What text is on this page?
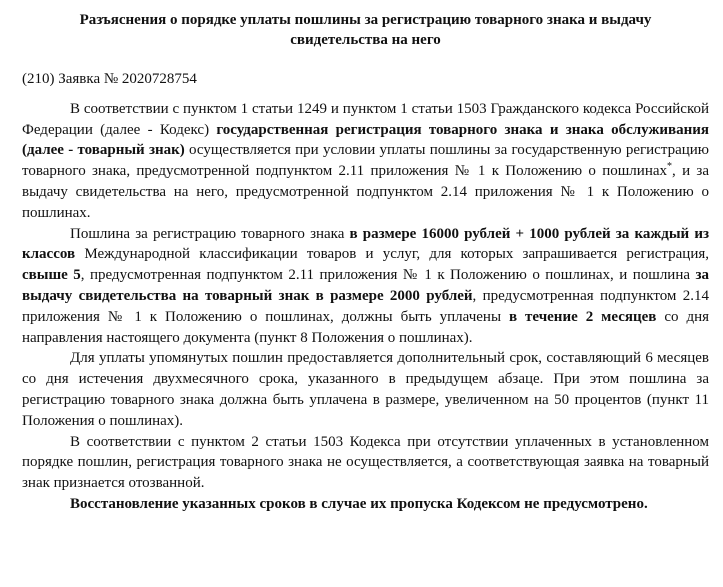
Разъяснения о порядке уплаты пошлины за регистрацию товарного знака и выдачу свидетельства на него
(210) Заявка № 2020728754

В соответствии с пунктом 1 статьи 1249 и пунктом 1 статьи 1503 Гражданского кодекса Российской Федерации (далее - Кодекс) государственная регистрация товарного знака и знака обслуживания (далее - товарный знак) осуществляется при условии уплаты пошлины за государственную регистрацию товарного знака, предусмотренной подпунктом 2.11 приложения № 1 к Положению о пошлинах*, и за выдачу свидетельства на него, предусмотренной подпунктом 2.14 приложения № 1 к Положению о пошлинах.

Пошлина за регистрацию товарного знака в размере 16000 рублей + 1000 рублей за каждый из классов Международной классификации товаров и услуг, для которых запрашивается регистрация, свыше 5, предусмотренная подпунктом 2.11 приложения № 1 к Положению о пошлинах, и пошлина за выдачу свидетельства на товарный знак в размере 2000 рублей, предусмотренная подпунктом 2.14 приложения № 1 к Положению о пошлинах, должны быть уплачены в течение 2 месяцев со дня направления настоящего документа (пункт 8 Положения о пошлинах).

Для уплаты упомянутых пошлин предоставляется дополнительный срок, составляющий 6 месяцев со дня истечения двухмесячного срока, указанного в предыдущем абзаце. При этом пошлина за регистрацию товарного знака должна быть уплачена в размере, увеличенном на 50 процентов (пункт 11 Положения о пошлинах).

В соответствии с пунктом 2 статьи 1503 Кодекса при отсутствии уплаченных в установленном порядке пошлин, регистрация товарного знака не осуществляется, а соответствующая заявка на товарный знак признается отозванной.

Восстановление указанных сроков в случае их пропуска Кодексом не предусмотрено.
